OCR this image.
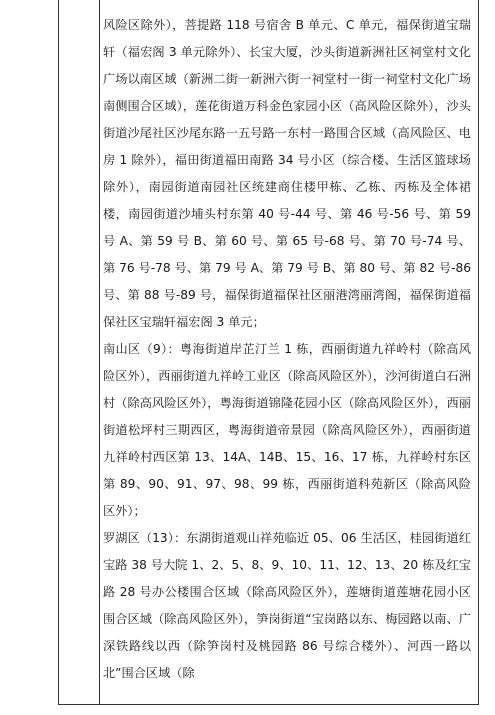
风险区除外），菩提路 118 号宿舍 B 单元、C 单元，福保街道宝瑞轩（福宏阁 3 单元除外）、长宝大厦，沙头街道新洲社区祠堂村文化广场以南区域（新洲二街一新洲六街一祠堂村一街一祠堂村文化广场南侧围合区域），莲花街道万科金色家园小区（高风险区除外），沙头街道沙尾社区沙尾东路一五号路一东村一路围合区域（高风险区、电房 1 除外），福田街道福田南路 34 号小区（综合楼、生活区篮球场除外），南园街道南园社区统建商住楼甲栋、乙栋、丙栋及全体裙楼，南园街道沙埔头村东第 40 号-44 号、第 46 号-56 号、第 59 号 A、第 59 号 B、第 60 号、第 65 号-68 号、第 70 号-74 号、第 76 号-78 号、第 79 号 A、第 79 号 B、第 80 号、第 82 号-86 号、第 88 号-89 号，福保街道福保社区丽港湾丽湾阁，福保街道福保社区宝瑞轩福宏阁 3 单元；

南山区（9）：粤海街道岸芷汀兰 1 栋，西丽街道九祥岭村（除高风险区外），西丽街道九祥岭工业区（除高风险区外），沙河街道白石洲村（除高风险区外），粤海街道锦隆花园小区（除高风险区外），西丽街道松坪村三期西区，粤海街道帝景园（除高风险区外），西丽街道九祥岭村西区第 13、14A、14B、15、16、17 栋，九祥岭村东区第 89、90、91、97、98、99 栋，西丽街道科苑新区（除高风险区外）；

罗湖区（13）：东湖街道观山祥苑临近 05、06 生活区，桂园街道红宝路 38 号大院 1、2、5、8、9、10、11、12、13、20 栋及红宝路 28 号办公楼围合区域（除高风险区外），莲塘街道莲塘花园小区围合区域（除高风险区外），笋岗街道“宝岗路以东、梅园路以南、广深铁路线以西（除笋岗村及桃园路 86 号综合楼外）、河西一路以北”围合区域（除
